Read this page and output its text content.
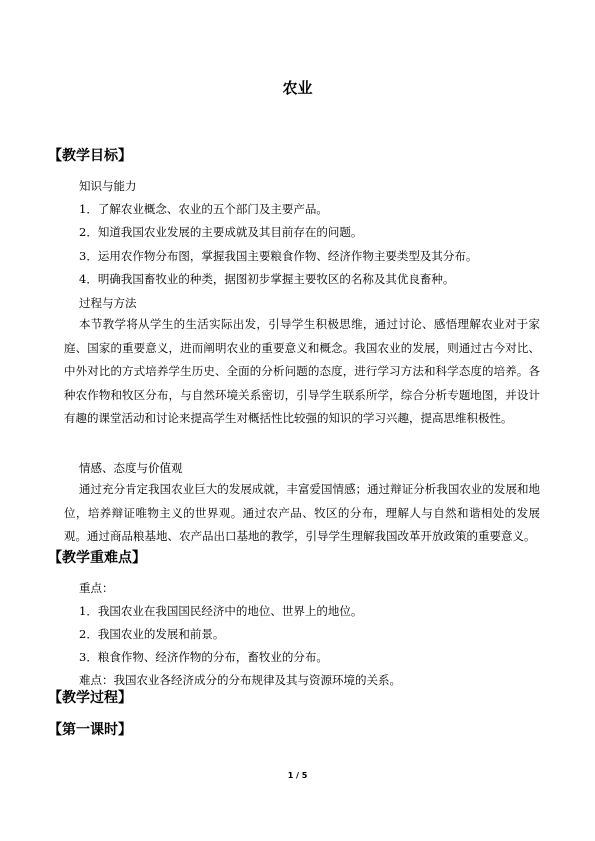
农业
【教学目标】
知识与能力
1．了解农业概念、农业的五个部门及主要产品。
2．知道我国农业发展的主要成就及其目前存在的问题。
3．运用农作物分布图，掌握我国主要粮食作物、经济作物主要类型及其分布。
4．明确我国畜牧业的种类，据图初步掌握主要牧区的名称及其优良畜种。
过程与方法

本节教学将从学生的生活实际出发，引导学生积极思维，通过讨论、感悟理解农业对于家庭、国家的重要意义，进而阐明农业的重要意义和概念。我国农业的发展，则通过古今对比、中外对比的方式培养学生历史、全面的分析问题的态度，进行学习方法和科学态度的培养。各种农作物和牧区分布，与自然环境关系密切，引导学生联系所学，综合分析专题地图，并设计有趣的课堂活动和讨论来提高学生对概括性比较强的知识的学习兴趣，提高思维积极性。

情感、态度与价值观

通过充分肯定我国农业巨大的发展成就，丰富爱国情感；通过辩证分析我国农业的发展和地位，培养辩证唯物主义的世界观。通过农产品、牧区的分布，理解人与自然和谐相处的发展观。通过商品粮基地、农产品出口基地的教学，引导学生理解我国改革开放政策的重要意义。

【教学重难点】
重点：
1．我国农业在我国国民经济中的地位、世界上的地位。
2．我国农业的发展和前景。
3．粮食作物、经济作物的分布，畜牧业的分布。
难点：我国农业各经济成分的分布规律及其与资源环境的关系。
【教学过程】
【第一课时】
1 / 5
